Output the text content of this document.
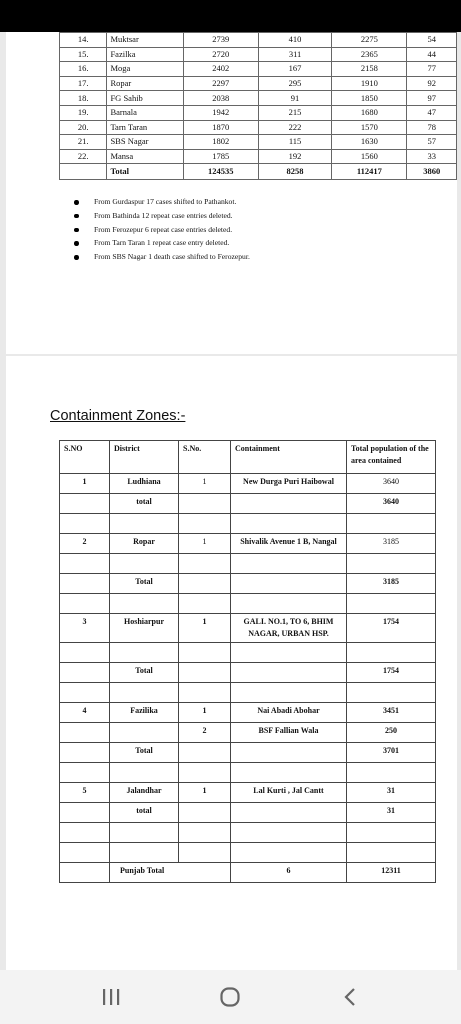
14.	Muktsar	2739	410	2275	54
15.	Fazilka	2720	311	2365	44
16.	Moga	2402	167	2158	77
17.	Ropar	2297	295	1910	92
18.	FG Sahib	2038	91	1850	97
19.	Barnala	1942	215	1680	47
20.	Tarn Taran	1870	222	1570	78
21.	SBS Nagar	1802	115	1630	57
22.	Mansa	1785	192	1560	33
	Total	124535	8258	112417	3860
From Gurdaspur 17 cases shifted to Pathankot.
From Bathinda 12 repeat case entries deleted.
From Ferozepur 6 repeat case entries deleted.
From Tarn Taran 1 repeat case entry deleted.
From SBS Nagar 1 death case shifted to Ferozepur.
Containment Zones:-
S.NO	District	S.No.	Containment	Total population of the area contained
1	Ludhiana	1	New Durga Puri Haibowal	3640
	total			3640

2	Ropar	1	Shivalik Avenue 1 B, Nangal	3185

	Total			3185

3	Hoshiarpur	1	GALI. NO.1, TO 6, BHIM NAGAR, URBAN HSP.	1754

	Total			1754

4	Fazilika	1	Nai Abadi Abohar	3451
		2	BSF Fallian Wala	250
	Total			3701

5	Jalandhar	1	Lal Kurti , Jal Cantt	31
	total			31

	Punjab Total		6	12311
